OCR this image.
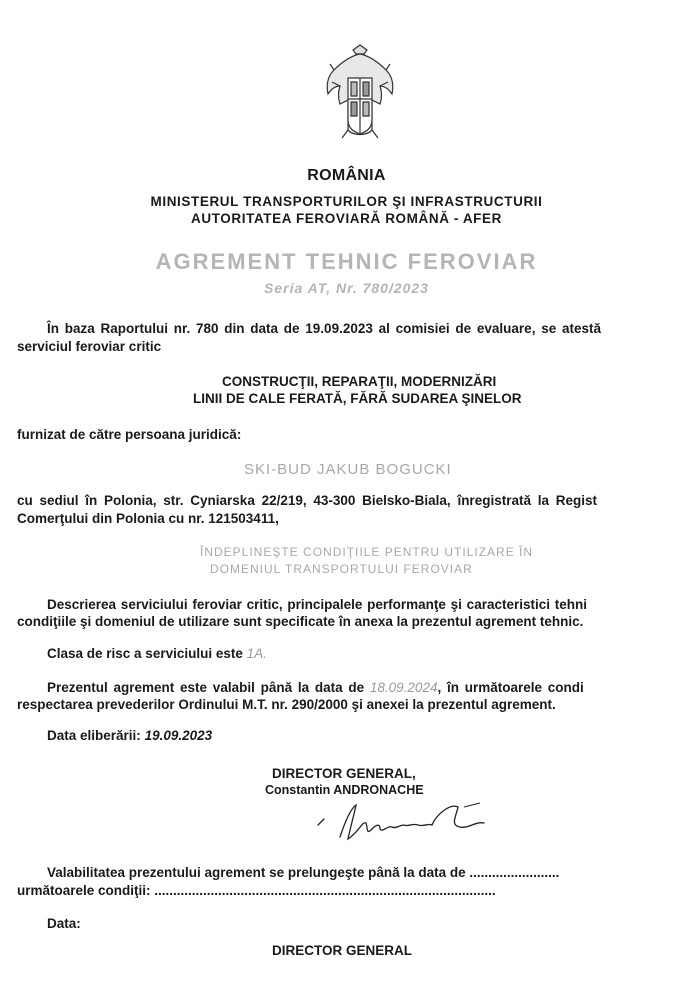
ROMÂNIA
MINISTERUL TRANSPORTURILOR ŞI INFRASTRUCTURII
AUTORITATEA FEROVIARĂ ROMÂNĂ - AFER
AGREMENT TEHNIC FEROVIAR
Seria AT, Nr. 780/2023
În baza Raportului nr. 780 din data de 19.09.2023 al comisiei de evaluare, se atestă
serviciul feroviar critic
CONSTRUCŢII, REPARAŢII, MODERNIZĂRI
LINII DE CALE FERATĂ, FĂRĂ SUDAREA ŞINELOR
furnizat de către persoana juridică:
SKI-BUD JAKUB BOGUCKI
cu sediul în Polonia, str. Cyniarska 22/219, 43-300 Bielsko-Biala, înregistrată la Regist
Comerţului din Polonia cu nr. 121503411,
ÎNDEPLINEŞTE CONDIŢIILE PENTRU UTILIZARE ÎN
DOMENIUL TRANSPORTULUI FEROVIAR
Descrierea serviciului feroviar critic, principalele performanţe şi caracteristici tehni
condiţiile şi domeniul de utilizare sunt specificate în anexa la prezentul agrement tehnic.
Clasa de risc a serviciului este 1A.
Prezentul agrement este valabil până la data de 18.09.2024, în următoarele condi
respectarea prevederilor Ordinului M.T. nr. 290/2000 şi anexei la prezentul agrement.
Data eliberării: 19.09.2023
DIRECTOR GENERAL,
Constantin ANDRONACHE
Valabilitatea prezentului agrement se prelungeşte până la data de ........................
următoarele condiţii: ...........................................................................................
Data:
DIRECTOR GENERAL
